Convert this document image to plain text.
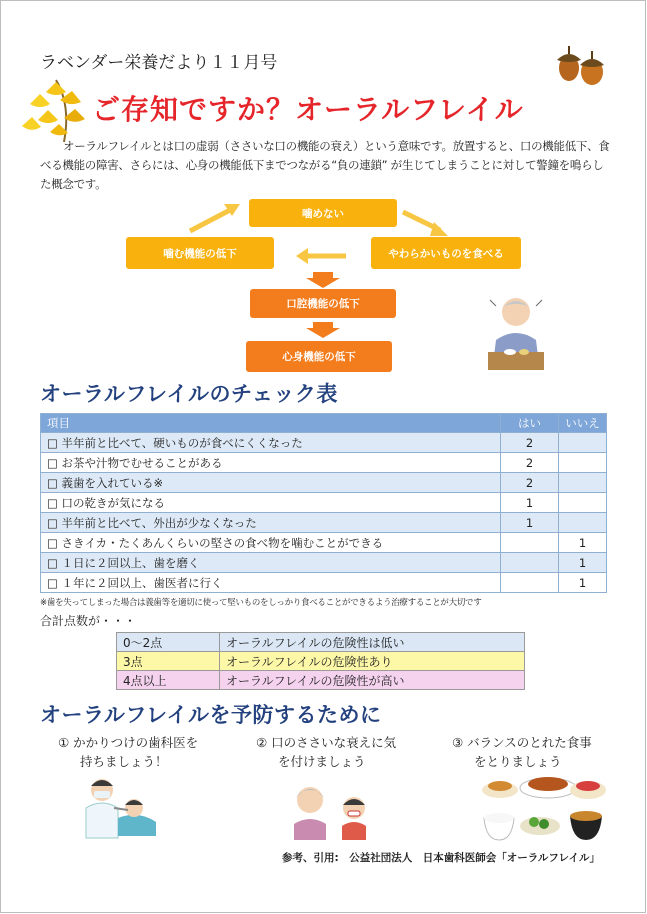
ラベンダー栄養だより１１月号
ご存知ですか？オーラルフレイル
オーラルフレイルとは口の虚弱（ささいな口の機能の衰え）という意味です。放置すると、口の機能低下、食べる機能の障害、さらには、心身の機能低下までつながる“負の連鎖” が生じてしまうことに対して警鐘を鳴らした概念です。
噛めない
やわらかいものを食べる
噛む機能の低下
口腔機能の低下
心身機能の低下
オーラルフレイルのチェック表
項目	はい	いいえ
□ 半年前と比べて、硬いものが食べにくくなった	2	
□ お茶や汁物でむせることがある	2	
□ 義歯を入れている※	2	
□ 口の乾きが気になる	1	
□ 半年前と比べて、外出が少なくなった	1	
□ さきイカ・たくあんくらいの堅さの食べ物を噛むことができる		1
□ １日に２回以上、歯を磨く		1
□ １年に２回以上、歯医者に行く		1
※歯を失ってしまった場合は義歯等を適切に使って堅いものをしっかり食べることができるよう治療することが大切です
合計点数が・・・
0～2点	オーラルフレイルの危険性は低い
3点	オーラルフレイルの危険性あり
4点以上	オーラルフレイルの危険性が高い
オーラルフレイルを予防するために
① かかりつけの歯科医を
持ちましょう！
② 口のささいな衰えに気
を付けましょう
③ バランスのとれた食事
をとりましょう
参考、引用:　公益社団法人　日本歯科医師会「オーラルフレイル」
